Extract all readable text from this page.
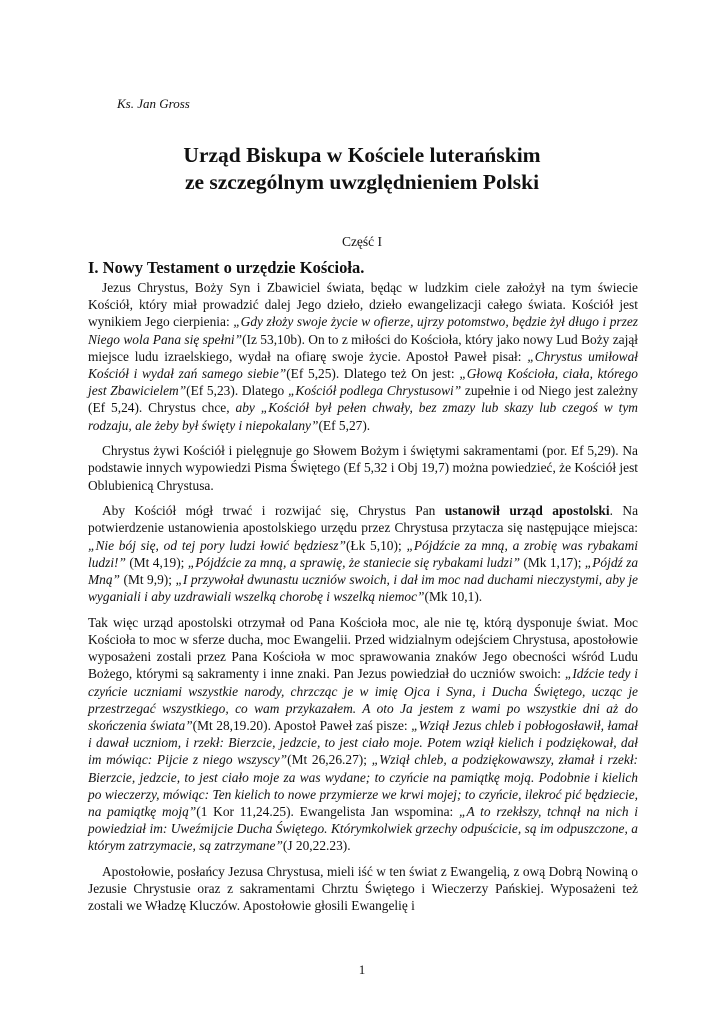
Ks. Jan Gross
Urząd Biskupa w Kościele luterańskim
ze szczególnym uwzględnieniem Polski
Część I
I. Nowy Testament o urzędzie Kościoła.

Jezus Chrystus, Boży Syn i Zbawiciel świata, będąc w ludzkim ciele założył na tym świecie Kościół, który miał prowadzić dalej Jego dzieło, dzieło ewangelizacji całego świata. Kościół jest wynikiem Jego cierpienia: „Gdy złoży swoje życie w ofierze, ujrzy potomstwo, będzie żył długo i przez Niego wola Pana się spełni”(Iz 53,10b). On to z miłości do Kościoła, który jako nowy Lud Boży zajął miejsce ludu izraelskiego, wydał na ofiarę swoje życie. Apostoł Paweł pisał: „Chrystus umiłował Kościół i wydał zań samego siebie”(Ef 5,25). Dlatego też On jest: „Głową Kościoła, ciała, którego jest Zbawicielem”(Ef 5,23). Dlatego „Kościół podlega Chrystusowi” zupełnie i od Niego jest zależny (Ef 5,24). Chrystus chce, aby „Kościół był pełen chwały, bez zmazy lub skazy lub czegoś w tym rodzaju, ale żeby był święty i niepokalany”(Ef 5,27).

Chrystus żywi Kościół i pielęgnuje go Słowem Bożym i świętymi sakramentami (por. Ef 5,29). Na podstawie innych wypowiedzi Pisma Świętego (Ef 5,32 i Obj 19,7) można powiedzieć, że Kościół jest Oblubienicą Chrystusa.

Aby Kościół mógł trwać i rozwijać się, Chrystus Pan ustanowił urząd apostolski. Na potwierdzenie ustanowienia apostolskiego urzędu przez Chrystusa przytacza się następujące miejsca: „Nie bój się, od tej pory ludzi łowić będziesz”(Łk 5,10); „Pójdźcie za mną, a zrobię was rybakami ludzi!” (Mt 4,19); „Pójdźcie za mną, a sprawię, że staniecie się rybakami ludzi” (Mk 1,17); „Pójdź za Mną” (Mt 9,9); „I przywołał dwunastu uczniów swoich, i dał im moc nad duchami nieczystymi, aby je wyganiali i aby uzdrawiali wszelką chorobę i wszelką niemoc”(Mk 10,1).

Tak więc urząd apostolski otrzymał od Pana Kościoła moc, ale nie tę, którą dysponuje świat. Moc Kościoła to moc w sferze ducha, moc Ewangelii. Przed widzialnym odejściem Chrystusa, apostołowie wyposażeni zostali przez Pana Kościoła w moc sprawowania znaków Jego obecności wśród Ludu Bożego, którymi są sakramenty i inne znaki. Pan Jezus powiedział do uczniów swoich: „Idźcie tedy i czyńcie uczniami wszystkie narody, chrzcząc je w imię Ojca i Syna, i Ducha Świętego, ucząc je przestrzegać wszystkiego, co wam przykazałem. A oto Ja jestem z wami po wszystkie dni aż do skończenia świata”(Mt 28,19.20). Apostoł Paweł zaś pisze: „Wziął Jezus chleb i pobłogosławił, łamał i dawał uczniom, i rzekł: Bierzcie, jedzcie, to jest ciało moje. Potem wziął kielich i podziękował, dał im mówiąc: Pijcie z niego wszyscy”(Mt 26,26.27); „Wziął chleb, a podziękowawszy, złamał i rzekł: Bierzcie, jedzcie, to jest ciało moje za was wydane; to czyńcie na pamiątkę moją. Podobnie i kielich po wieczerzy, mówiąc: Ten kielich to nowe przymierze we krwi mojej; to czyńcie, ilekroć pić będziecie, na pamiątkę moją”(1 Kor 11,24.25). Ewangelista Jan wspomina: „A to rzekłszy, tchnął na nich i powiedział im: Uweźmijcie Ducha Świętego. Którymkolwiek grzechy odpuścicie, są im odpuszczone, a którym zatrzymacie, są zatrzymane”(J 20,22.23).

Apostołowie, posłańcy Jezusa Chrystusa, mieli iść w ten świat z Ewangelią, z ową Dobrą Nowiną o Jezusie Chrystusie oraz z sakramentami Chrztu Świętego i Wieczerzy Pańskiej. Wyposażeni też zostali we Władzę Kluczów. Apostołowie głosili Ewangelię i

1
